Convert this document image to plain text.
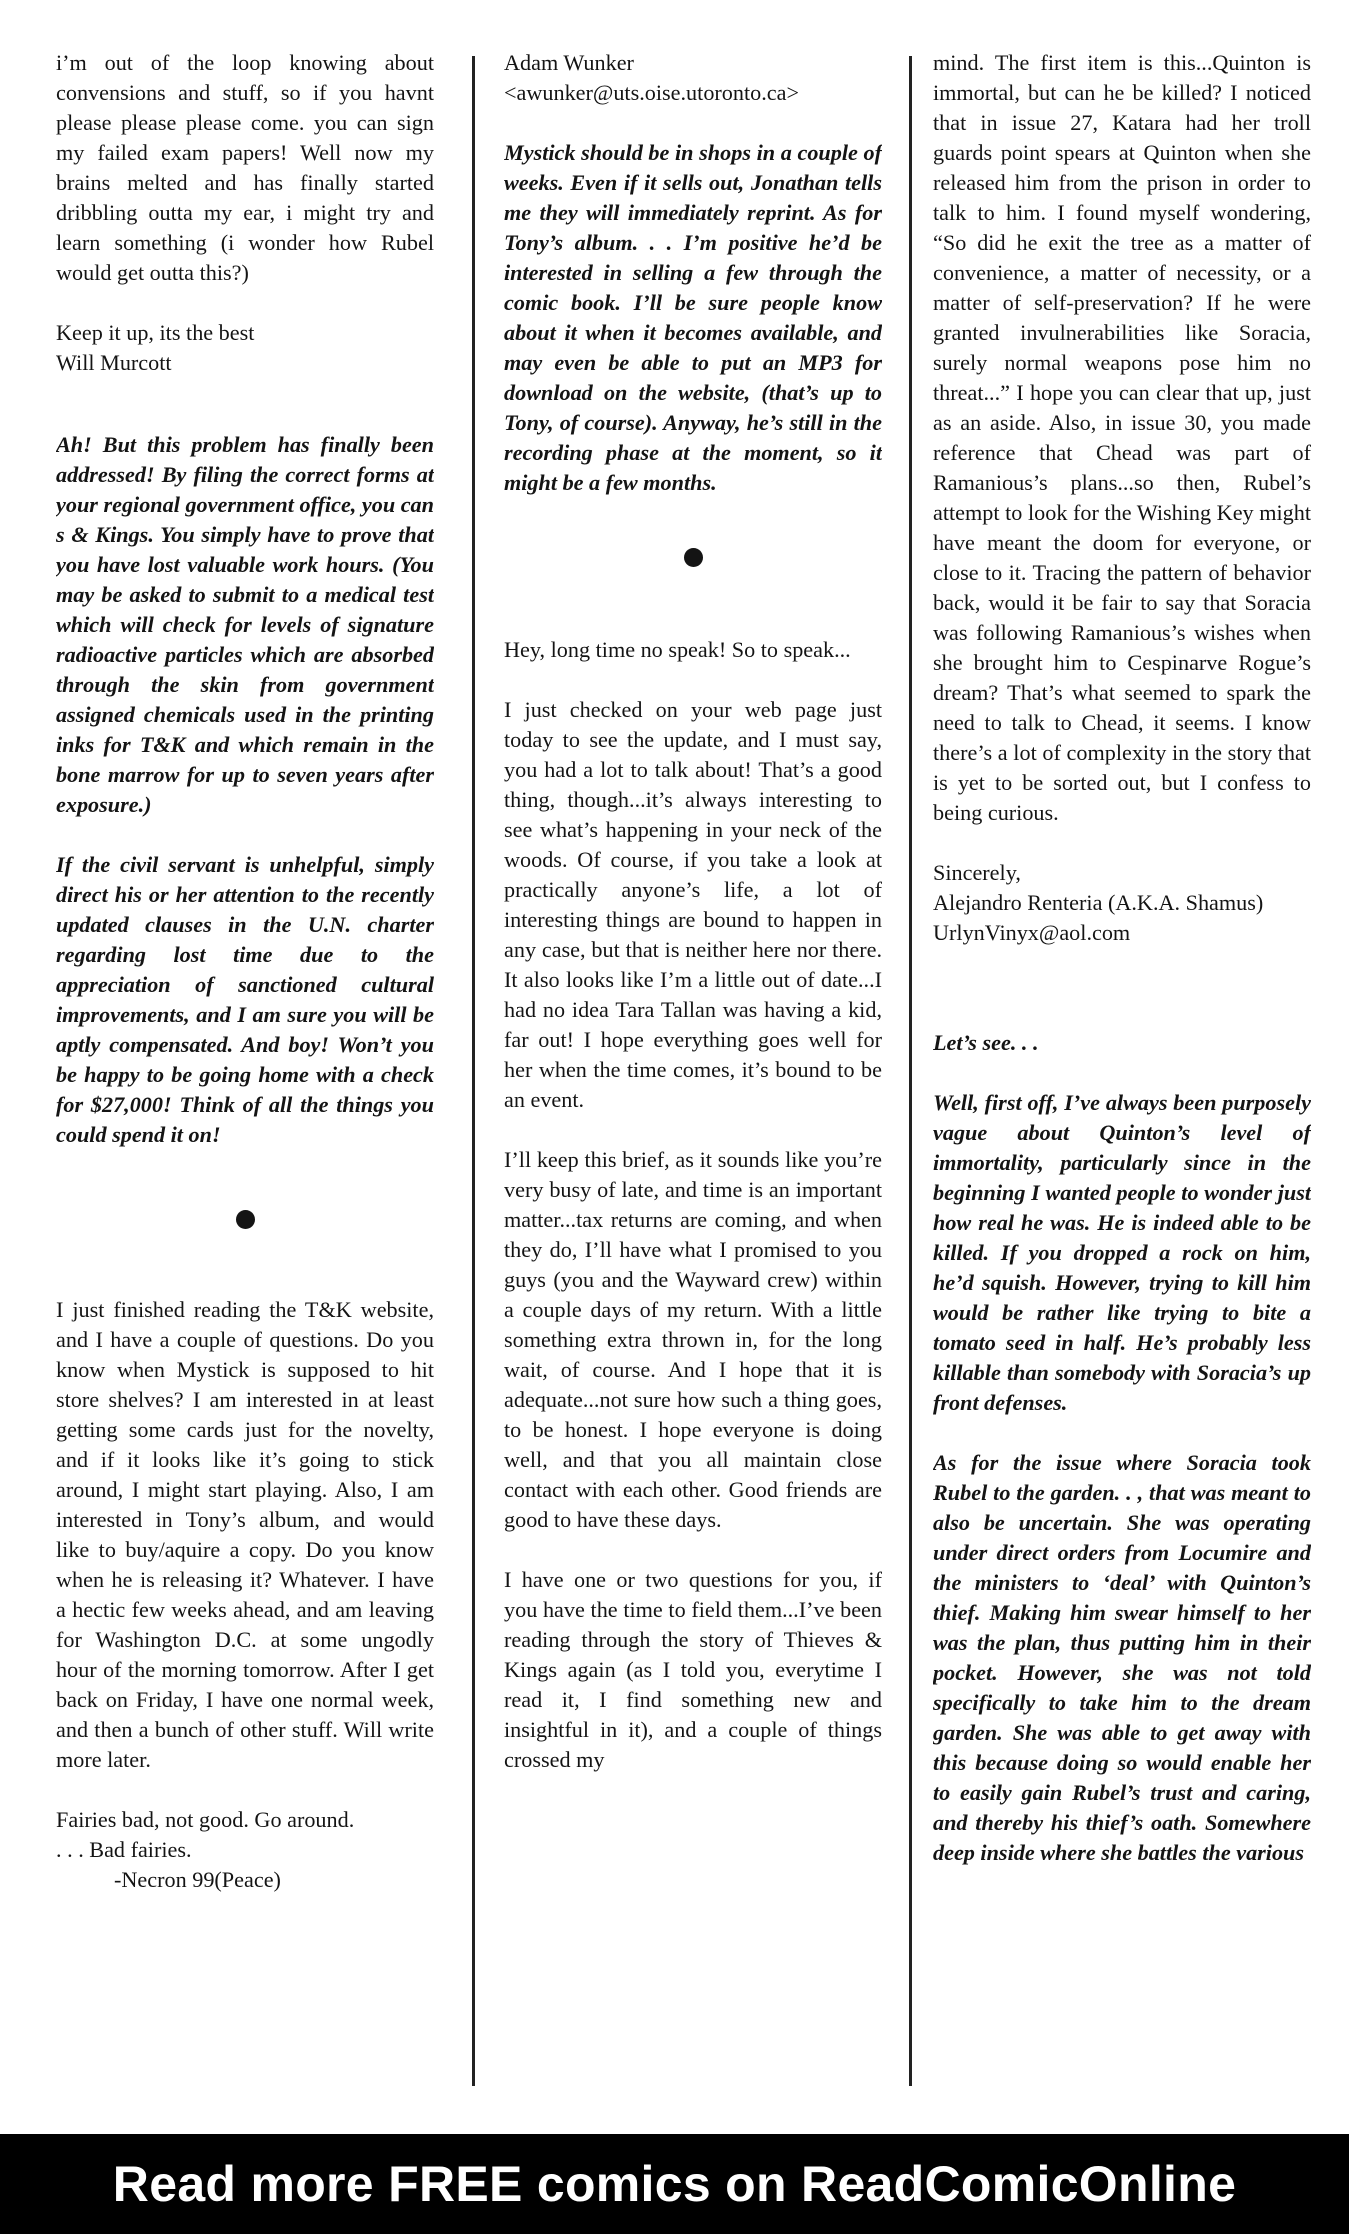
i’m out of the loop knowing about convensions and stuff, so if you havnt please please please come. you can sign my failed exam papers! Well now my brains melted and has finally started dribbling outta my ear, i might try and learn something (i wonder how Rubel would get outta this?)

Keep it up, its the best
Will Murcott

Ah! But this problem has finally been addressed! By filing the correct forms at your regional government office, you can s & Kings. You simply have to prove that you have lost valuable work hours. (You may be asked to submit to a medical test which will check for levels of signature radioactive particles which are absorbed through the skin from government assigned chemicals used in the printing inks for T&K and which remain in the bone marrow for up to seven years after exposure.)

If the civil servant is unhelpful, simply direct his or her attention to the recently updated clauses in the U.N. charter regarding lost time due to the appreciation of sanctioned cultural improvements, and I am sure you will be aptly compensated. And boy! Won’t you be happy to be going home with a check for $27,000! Think of all the things you could spend it on!

I just finished reading the T&K website, and I have a couple of questions. Do you know when Mystick is supposed to hit store shelves? I am interested in at least getting some cards just for the novelty, and if it looks like it’s going to stick around, I might start playing. Also, I am interested in Tony’s album, and would like to buy/aquire a copy. Do you know when he is releasing it? Whatever. I have a hectic few weeks ahead, and am leaving for Washington D.C. at some ungodly hour of the morning tomorrow. After I get back on Friday, I have one normal week, and then a bunch of other stuff. Will write more later.

Fairies bad, not good. Go around.
. . . Bad fairies.
-Necron 99(Peace)

Adam Wunker
<awunker@uts.oise.utoronto.ca>

Mystick should be in shops in a couple of weeks. Even if it sells out, Jonathan tells me they will immediately reprint. As for Tony’s album. . . I’m positive he’d be interested in selling a few through the comic book. I’ll be sure people know about it when it becomes available, and may even be able to put an MP3 for download on the website, (that’s up to Tony, of course). Anyway, he’s still in the recording phase at the moment, so it might be a few months.

Hey, long time no speak! So to speak...

I just checked on your web page just today to see the update, and I must say, you had a lot to talk about! That’s a good thing, though...it’s always interesting to see what’s happening in your neck of the woods. Of course, if you take a look at practically anyone’s life, a lot of interesting things are bound to happen in any case, but that is neither here nor there. It also looks like I’m a little out of date...I had no idea Tara Tallan was having a kid, far out! I hope everything goes well for her when the time comes, it’s bound to be an event.

I’ll keep this brief, as it sounds like you’re very busy of late, and time is an important matter...tax returns are coming, and when they do, I’ll have what I promised to you guys (you and the Wayward crew) within a couple days of my return. With a little something extra thrown in, for the long wait, of course. And I hope that it is adequate...not sure how such a thing goes, to be honest. I hope everyone is doing well, and that you all maintain close contact with each other. Good friends are good to have these days.

I have one or two questions for you, if you have the time to field them...I’ve been reading through the story of Thieves & Kings again (as I told you, everytime I read it, I find something new and insightful in it), and a couple of things crossed my

mind. The first item is this...Quinton is immortal, but can he be killed? I noticed that in issue 27, Katara had her troll guards point spears at Quinton when she released him from the prison in order to talk to him. I found myself wondering, “So did he exit the tree as a matter of convenience, a matter of necessity, or a matter of self-preservation? If he were granted invulnerabilities like Soracia, surely normal weapons pose him no threat...” I hope you can clear that up, just as an aside. Also, in issue 30, you made reference that Chead was part of Ramanious’s plans...so then, Rubel’s attempt to look for the Wishing Key might have meant the doom for everyone, or close to it. Tracing the pattern of behavior back, would it be fair to say that Soracia was following Ramanious’s wishes when she brought him to Cespinarve Rogue’s dream? That’s what seemed to spark the need to talk to Chead, it seems. I know there’s a lot of complexity in the story that is yet to be sorted out, but I confess to being curious.

Sincerely,
Alejandro Renteria (A.K.A. Shamus)
UrlynVinyx@aol.com

Let’s see. . .

Well, first off, I’ve always been purposely vague about Quinton’s level of immortality, particularly since in the beginning I wanted people to wonder just how real he was. He is indeed able to be killed. If you dropped a rock on him, he’d squish. However, trying to kill him would be rather like trying to bite a tomato seed in half. He’s probably less killable than somebody with Soracia’s up front defenses.

As for the issue where Soracia took Rubel to the garden. . , that was meant to also be uncertain. She was operating under direct orders from Locumire and the ministers to ‘deal’ with Quinton’s thief. Making him swear himself to her was the plan, thus putting him in their pocket. However, she was not told specifically to take him to the dream garden. She was able to get away with this because doing so would enable her to easily gain Rubel’s trust and caring, and thereby his thief’s oath. Somewhere deep inside where she battles the various

Read more FREE comics on ReadComicOnline
